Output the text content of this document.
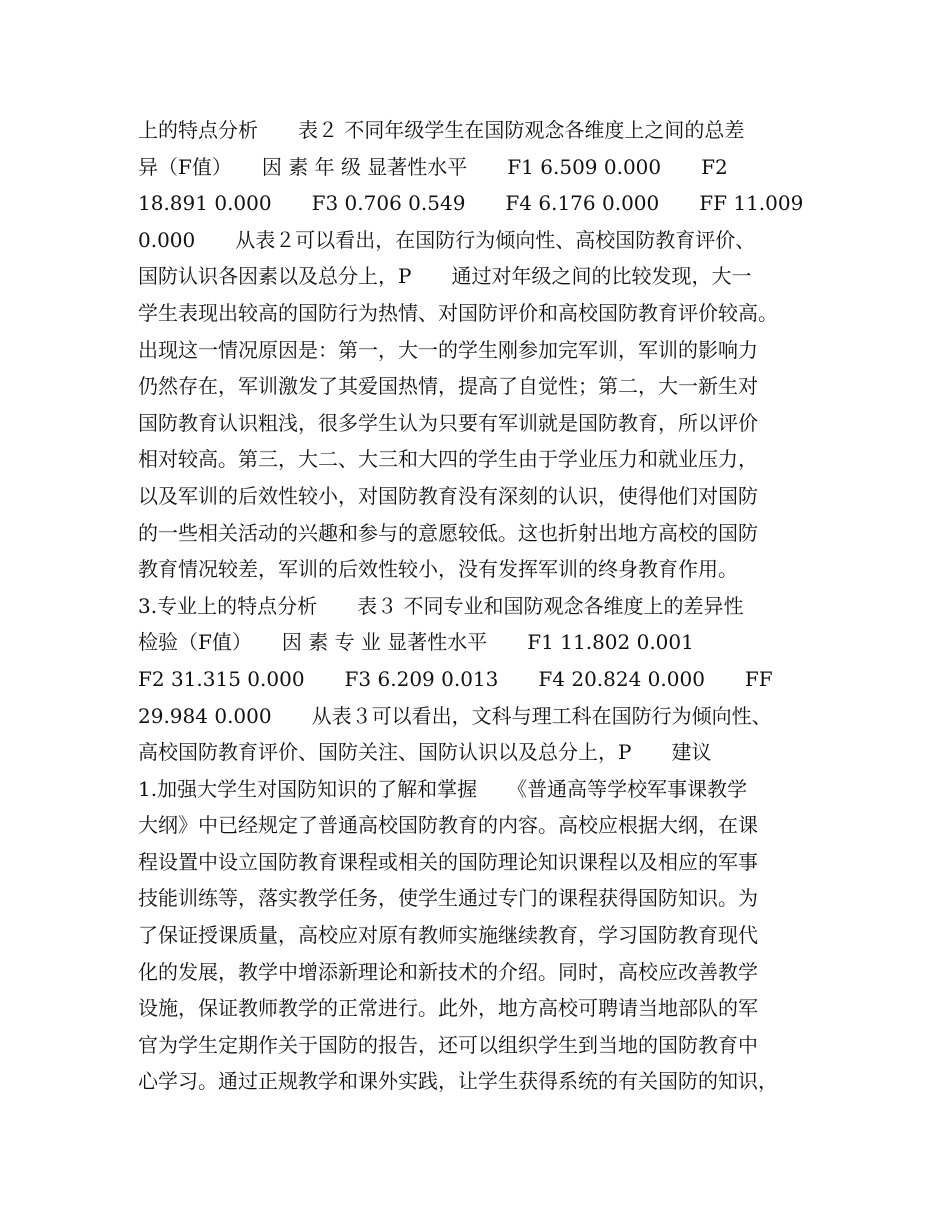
上的特点分析　　表２ 不同年级学生在国防观念各维度上之间的总差
异（F值）　　因 素 年 级 显著性水平　　F1 6.509 0.000　　F2
18.891 0.000　　F3 0.706 0.549　　F4 6.176 0.000　　FF 11.009
0.000　　从表２可以看出，在国防行为倾向性、高校国防教育评价、
国防认识各因素以及总分上，P　　通过对年级之间的比较发现，大一
学生表现出较高的国防行为热情、对国防评价和高校国防教育评价较高。
出现这一情况原因是：第一，大一的学生刚参加完军训，军训的影响力
仍然存在，军训激发了其爱国热情，提高了自觉性；第二，大一新生对
国防教育认识粗浅，很多学生认为只要有军训就是国防教育，所以评价
相对较高。第三，大二、大三和大四的学生由于学业压力和就业压力，
以及军训的后效性较小，对国防教育没有深刻的认识，使得他们对国防
的一些相关活动的兴趣和参与的意愿较低。这也折射出地方高校的国防
教育情况较差，军训的后效性较小，没有发挥军训的终身教育作用。
3.专业上的特点分析　　表３ 不同专业和国防观念各维度上的差异性
检验（F值）　　因 素 专 业 显著性水平　　F1 11.802 0.001
F2 31.315 0.000　　F3 6.209 0.013　　F4 20.824 0.000　　FF
29.984 0.000　　从表３可以看出，文科与理工科在国防行为倾向性、
高校国防教育评价、国防关注、国防认识以及总分上，P　　建议
1.加强大学生对国防知识的了解和掌握　　《普通高等学校军事课教学
大纲》中已经规定了普通高校国防教育的内容。高校应根据大纲，在课
程设置中设立国防教育课程或相关的国防理论知识课程以及相应的军事
技能训练等，落实教学任务，使学生通过专门的课程获得国防知识。为
了保证授课质量，高校应对原有教师实施继续教育，学习国防教育现代
化的发展，教学中增添新理论和新技术的介绍。同时，高校应改善教学
设施，保证教师教学的正常进行。此外，地方高校可聘请当地部队的军
官为学生定期作关于国防的报告，还可以组织学生到当地的国防教育中
心学习。通过正规教学和课外实践，让学生获得系统的有关国防的知识，
